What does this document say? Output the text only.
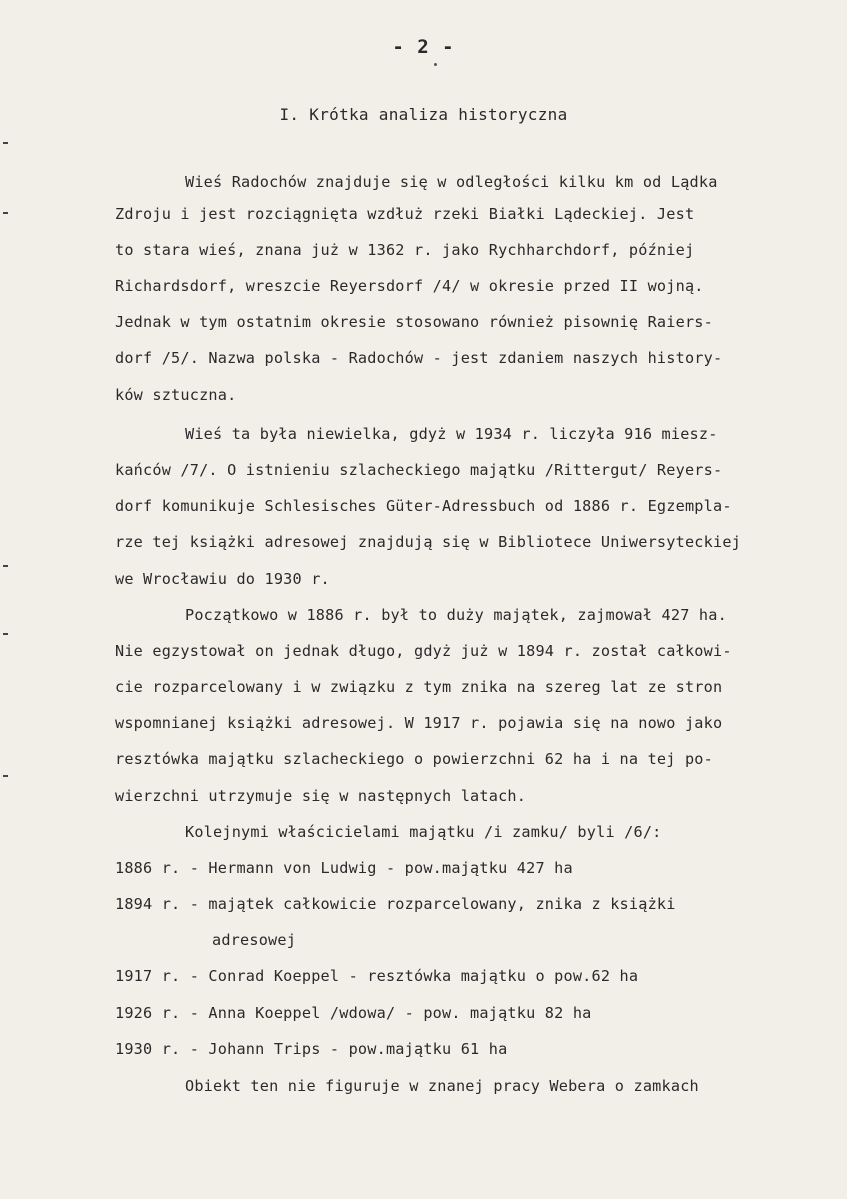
- 2 -
I. Krótka analiza historyczna
Wieś Radochów znajduje się w odległości kilku km od Lądka
Zdroju i jest rozciągnięta wzdłuż rzeki Białki Lądeckiej. Jest
to stara wieś, znana już w 1362 r. jako Rychharchdorf, później
Richardsdorf, wreszcie Reyersdorf /4/ w okresie przed II wojną.
Jednak w tym ostatnim okresie stosowano również pisownię Raiers-
dorf /5/. Nazwa polska - Radochów - jest zdaniem naszych history-
ków sztuczna.
Wieś ta była niewielka, gdyż w 1934 r. liczyła 916 miesz-
kańców /7/. O istnieniu szlacheckiego majątku /Rittergut/ Reyers-
dorf komunikuje Schlesisches Güter-Adressbuch od 1886 r. Egzempla-
rze tej książki adresowej znajdują się w Bibliotece Uniwersyteckiej
we Wrocławiu do 1930 r.
Początkowo w 1886 r. był to duży majątek, zajmował 427 ha.
Nie egzystował on jednak długo, gdyż już w 1894 r. został całkowi-
cie rozparcelowany i w związku z tym znika na szereg lat ze stron
wspomnianej książki adresowej. W 1917 r. pojawia się na nowo jako
resztówka majątku szlacheckiego o powierzchni 62 ha i na tej po-
wierzchni utrzymuje się w następnych latach.
Kolejnymi właścicielami majątku /i zamku/ byli /6/:
1886 r. - Hermann von Ludwig - pow.majątku 427 ha
1894 r. - majątek całkowicie rozparcelowany, znika z książki
adresowej
1917 r. - Conrad Koeppel - resztówka majątku o pow.62 ha
1926 r. - Anna Koeppel /wdowa/ - pow. majątku 82 ha
1930 r. - Johann Trips - pow.majątku 61 ha
Obiekt ten nie figuruje w znanej pracy Webera o zamkach
